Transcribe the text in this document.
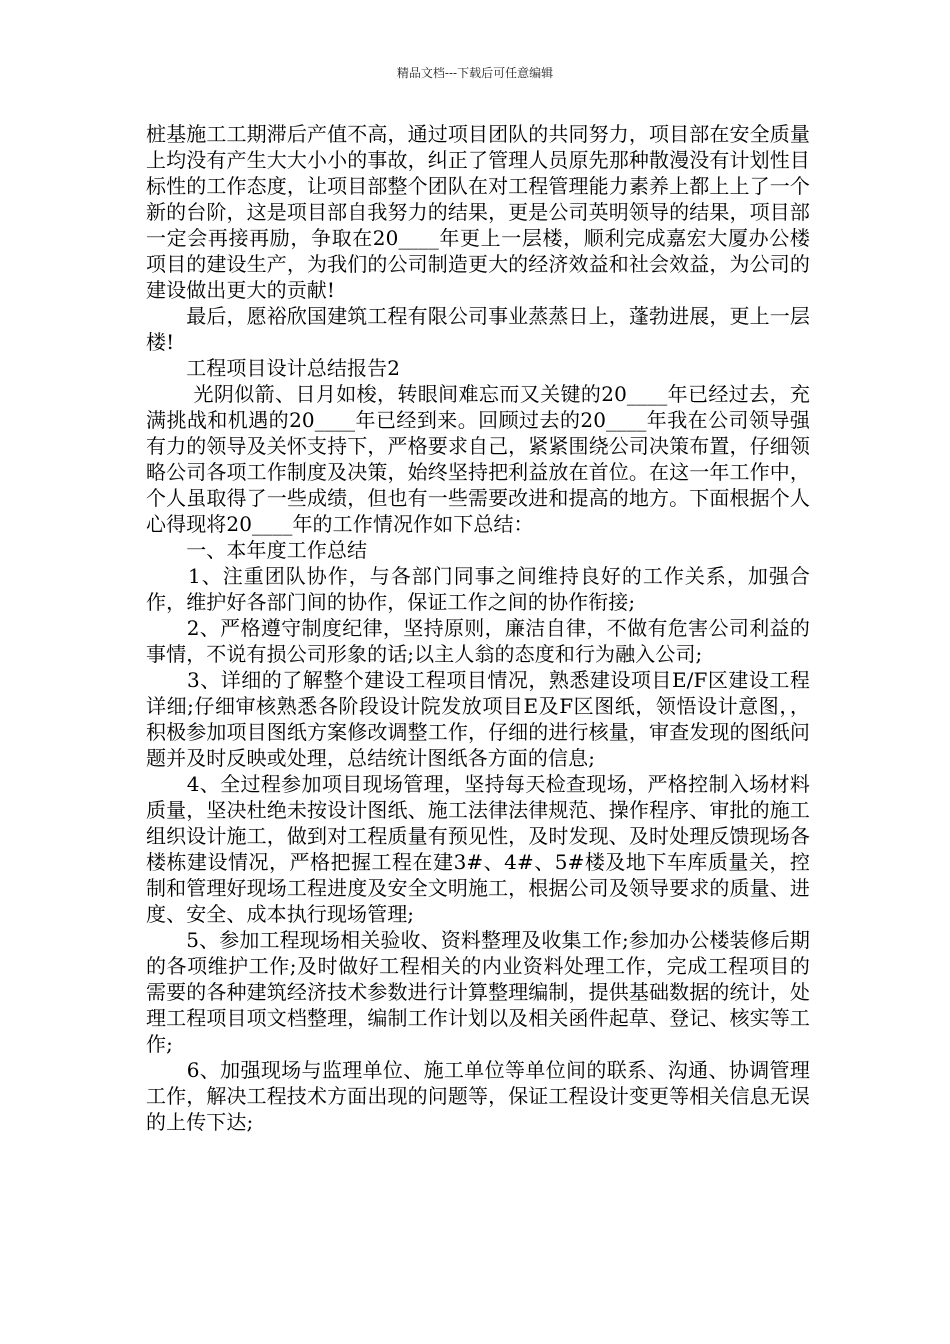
精品文档---下载后可任意编辑

桩基施工工期滞后产值不高，通过项目团队的共同努力，项目部在安全质量上均没有产生大大小小的事故，纠正了管理人员原先那种散漫没有计划性目标性的工作态度，让项目部整个团队在对工程管理能力素养上都上上了一个新的台阶，这是项目部自我努力的结果，更是公司英明领导的结果，项目部一定会再接再励，争取在20____年更上一层楼，顺利完成嘉宏大厦办公楼项目的建设生产，为我们的公司制造更大的经济效益和社会效益，为公司的建设做出更大的贡献!

　　最后，愿裕欣国建筑工程有限公司事业蒸蒸日上，蓬勃进展，更上一层楼!

　　工程项目设计总结报告2

　　 光阴似箭、日月如梭，转眼间难忘而又关键的20____年已经过去，充满挑战和机遇的20____年已经到来。回顾过去的20____年我在公司领导强有力的领导及关怀支持下，严格要求自己，紧紧围绕公司决策布置，仔细领略公司各项工作制度及决策，始终坚持把利益放在首位。在这一年工作中，个人虽取得了一些成绩，但也有一些需要改进和提高的地方。下面根据个人心得现将20____年的工作情况作如下总结：

　　一、本年度工作总结

　　1、注重团队协作，与各部门同事之间维持良好的工作关系，加强合作，维护好各部门间的协作，保证工作之间的协作衔接;

　　2、严格遵守制度纪律，坚持原则，廉洁自律，不做有危害公司利益的事情，不说有损公司形象的话;以主人翁的态度和行为融入公司;

　　3、详细的了解整个建设工程项目情况，熟悉建设项目E/F区建设工程详细;仔细审核熟悉各阶段设计院发放项目E及F区图纸，领悟设计意图，，积极参加项目图纸方案修改调整工作，仔细的进行核量，审查发现的图纸问题并及时反映或处理，总结统计图纸各方面的信息;

　　4、全过程参加项目现场管理，坚持每天检查现场，严格控制入场材料质量，坚决杜绝未按设计图纸、施工法律法律规范、操作程序、审批的施工组织设计施工，做到对工程质量有预见性，及时发现、及时处理反馈现场各楼栋建设情况，严格把握工程在建3#、4#、5#楼及地下车库质量关，控制和管理好现场工程进度及安全文明施工，根据公司及领导要求的质量、进度、安全、成本执行现场管理;

　　5、参加工程现场相关验收、资料整理及收集工作;参加办公楼装修后期的各项维护工作;及时做好工程相关的内业资料处理工作，完成工程项目的需要的各种建筑经济技术参数进行计算整理编制，提供基础数据的统计，处理工程项目项文档整理，编制工作计划以及相关函件起草、登记、核实等工作;

　　6、加强现场与监理单位、施工单位等单位间的联系、沟通、协调管理工作，解决工程技术方面出现的问题等，保证工程设计变更等相关信息无误的上传下达;
